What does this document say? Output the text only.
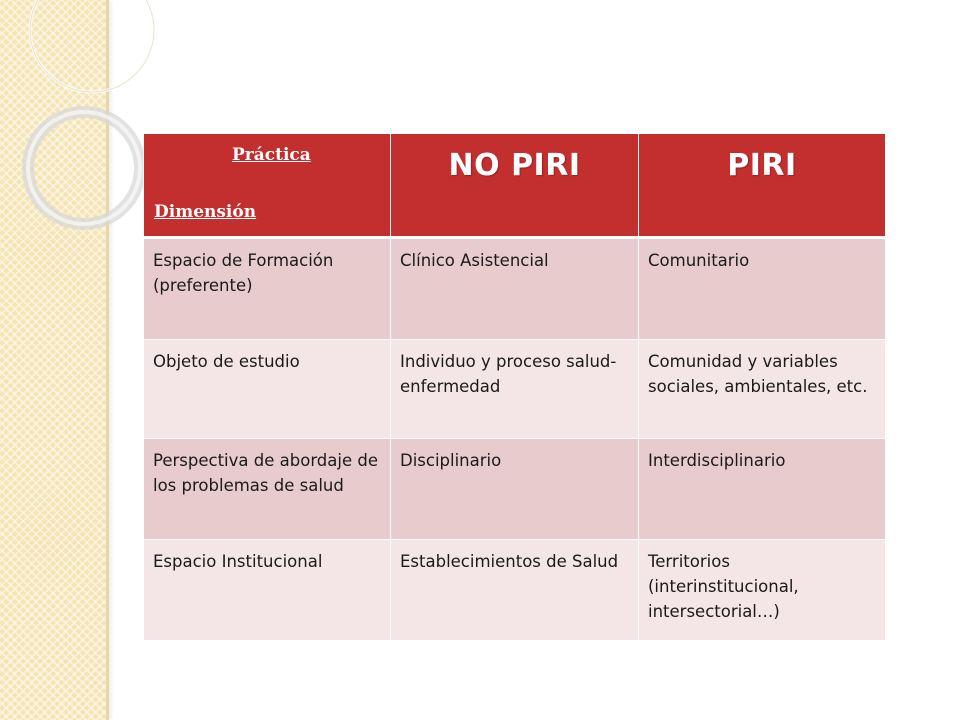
Práctica
Dimensión	NO PIRI	PIRI

Espacio de Formación (preferente)	Clínico Asistencial	Comunitario

Objeto de estudio	Individuo y proceso salud-enfermedad	Comunidad y variables sociales, ambientales, etc.

Perspectiva de abordaje de los problemas de salud	Disciplinario	Interdisciplinario

Espacio Institucional	Establecimientos de Salud	Territorios (interinstitucional, intersectorial…)
